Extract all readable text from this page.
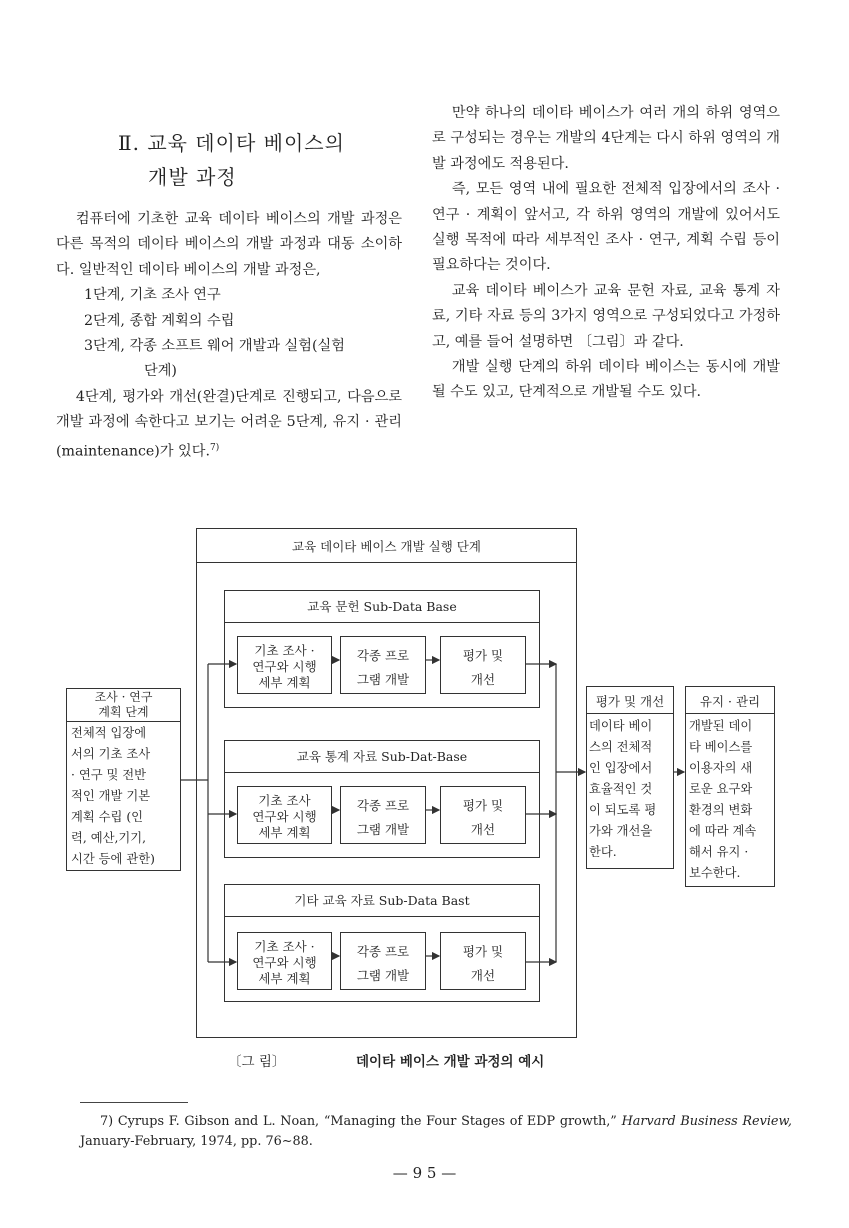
Ⅱ. 교육 데이타 베이스의
개발 과정

컴퓨터에 기초한 교육 데이타 베이스의 개발 과정은 다른 목적의 데이타 베이스의 개발 과정과 대동 소이하다. 일반적인 데이타 베이스의 개발 과정은,

1단계, 기초 조사 연구

2단계, 종합 계획의 수립

3단계, 각종 소프트 웨어 개발과 실험(실험

단계)

4단계, 평가와 개선(완결)단계로 진행되고, 다음으로 개발 과정에 속한다고 보기는 어려운 5단계, 유지 · 관리(maintenance)가 있다.$^{7)}$

만약 하나의 데이타 베이스가 여러 개의 하위 영역으로 구성되는 경우는 개발의 4단계는 다시 하위 영역의 개발 과정에도 적용된다.

즉, 모든 영역 내에 필요한 전체적 입장에서의 조사 · 연구 · 계획이 앞서고, 각 하위 영역의 개발에 있어서도 실행 목적에 따라 세부적인 조사 · 연구, 계획 수립 등이 필요하다는 것이다.

교육 데이타 베이스가 교육 문헌 자료, 교육 통계 자료, 기타 자료 등의 3가지 영역으로 구성되었다고 가정하고, 예를 들어 설명하면 〔그림〕과 같다.

개발 실행 단계의 하위 데이타 베이스는 동시에 개발될 수도 있고, 단계적으로 개발될 수도 있다.

교육 데이타 베이스 개발 실행 단계
조사 · 연구
계획 단계
전체적 입장에
서의 기초 조사
· 연구 및 전반
적인 개발 기본
계획 수립 (인
력, 예산,기기,
시간 등에 관한)
교육 문헌 Sub-Data Base
기초 조사 ·
연구와 시행
세부 계획
각종 프로
그램 개발
평가 및
개선
교육 통계 자료 Sub-Dat-Base
기초 조사
연구와 시행
세부 계획
각종 프로
그램 개발
평가 및
개선
기타 교육 자료 Sub-Data Bast
기초 조사 ·
연구와 시행
세부 계획
각종 프로
그램 개발
평가 및
개선
평가 및 개선
데이타 베이
스의 전체적
인 입장에서
효율적인 것
이 되도록 평
가와 개선을
한다.
유지 · 관리
개발된 데이
타 베이스를
이용자의 새
로운 요구와
환경의 변화
에 따라 계속
해서 유지 ·
보수한다.
〔그 림〕	데이타 베이스 개발 과정의 예시
7) Cyrups F. Gibson and L. Noan, “Managing the Four Stages of EDP growth,” Harvard Business Review, January-February, 1974, pp. 76∼88.
— 9 5 —
